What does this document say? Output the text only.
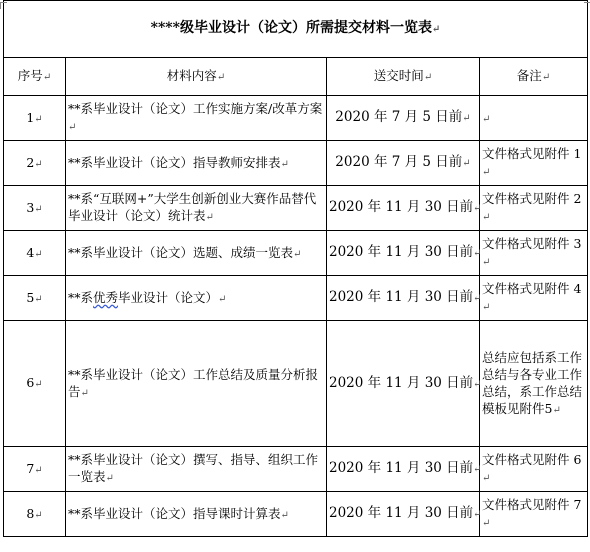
****级毕业设计（论文）所需提交材料一览表↵			
序号↵	材料内容↵	送交时间↵	备注↵
1↵	**系毕业设计（论文）工作实施方案/改革方案↵	2020 年 7 月 5 日前↵	↵
2↵	**系毕业设计（论文）指导教师安排表↵	2020 年 7 月 5 日前↵	文件格式见附件 1↵
3↵	**系“互联网+”大学生创新创业大赛作品替代毕业设计（论文）统计表↵	2020 年 11 月 30 日前↵	文件格式见附件 2↵
4↵	**系毕业设计（论文）选题、成绩一览表↵	2020 年 11 月 30 日前↵	文件格式见附件 3↵
5↵	**系优秀毕业设计（论文）↵	2020 年 11 月 30 日前↵	文件格式见附件 4↵
6↵	**系毕业设计（论文）工作总结及质量分析报告↵	2020 年 11 月 30 日前↵	总结应包括系工作总结与各专业工作总结，系工作总结模板见附件5↵
7↵	**系毕业设计（论文）撰写、指导、组织工作一览表↵	2020 年 11 月 30 日前↵	文件格式见附件 6↵
8↵	**系毕业设计（论文）指导课时计算表↵	2020 年 11 月 30 日前↵	文件格式见附件 7↵
